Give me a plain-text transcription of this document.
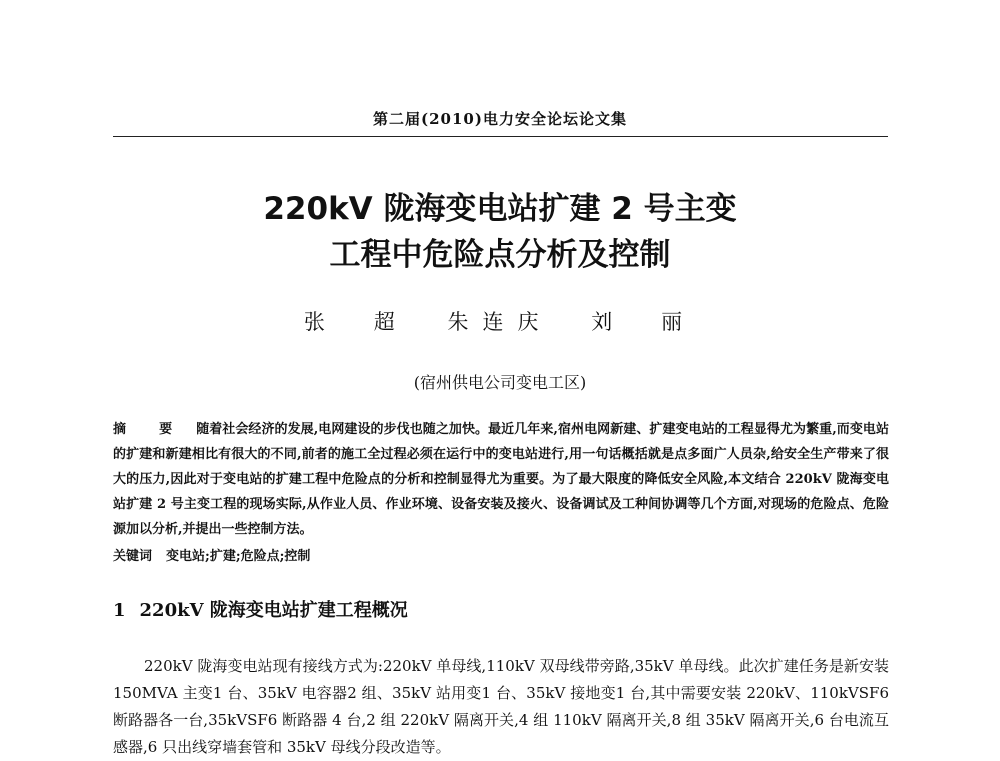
第二届(2010)电力安全论坛论文集
220kV 陇海变电站扩建 2 号主变
工程中危险点分析及控制
张　超 朱连庆 刘　丽
(宿州供电公司变电工区)
摘　要 随着社会经济的发展,电网建设的步伐也随之加快。最近几年来,宿州电网新建、扩建变电站的工程显得尤为繁重,而变电站的扩建和新建相比有很大的不同,前者的施工全过程必须在运行中的变电站进行,用一句话概括就是点多面广人员杂,给安全生产带来了很大的压力,因此对于变电站的扩建工程中危险点的分析和控制显得尤为重要。为了最大限度的降低安全风险,本文结合 220kV 陇海变电站扩建 2 号主变工程的现场实际,从作业人员、作业环境、设备安装及接火、设备调试及工种间协调等几个方面,对现场的危险点、危险源加以分析,并提出一些控制方法。
关键词 变电站;扩建;危险点;控制
1 220kV 陇海变电站扩建工程概况
220kV 陇海变电站现有接线方式为:220kV 单母线,110kV 双母线带旁路,35kV 单母线。此次扩建任务是新安装150MVA 主变1 台、35kV 电容器2 组、35kV 站用变1 台、35kV 接地变1 台,其中需要安装 220kV、110kVSF6 断路器各一台,35kVSF6 断路器 4 台,2 组 220kV 隔离开关,4 组 110kV 隔离开关,8 组 35kV 隔离开关,6 台电流互感器,6 只出线穿墙套管和 35kV 母线分段改造等。
